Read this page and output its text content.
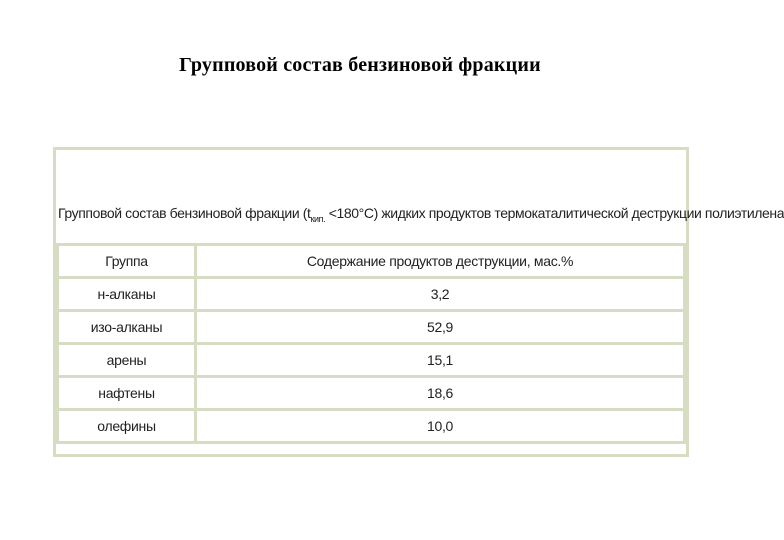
Групповой состав бензиновой фракции
Групповой состав бензиновой фракции $(t_{кип.} <180^\circ C)$ жидких продуктов термокаталитической деструкции полиэтилена
Группа	Содержание продуктов деструкции, мас.%
н-алканы	3,2
изо-алканы	52,9
арены	15,1
нафтены	18,6
олефины	10,0
